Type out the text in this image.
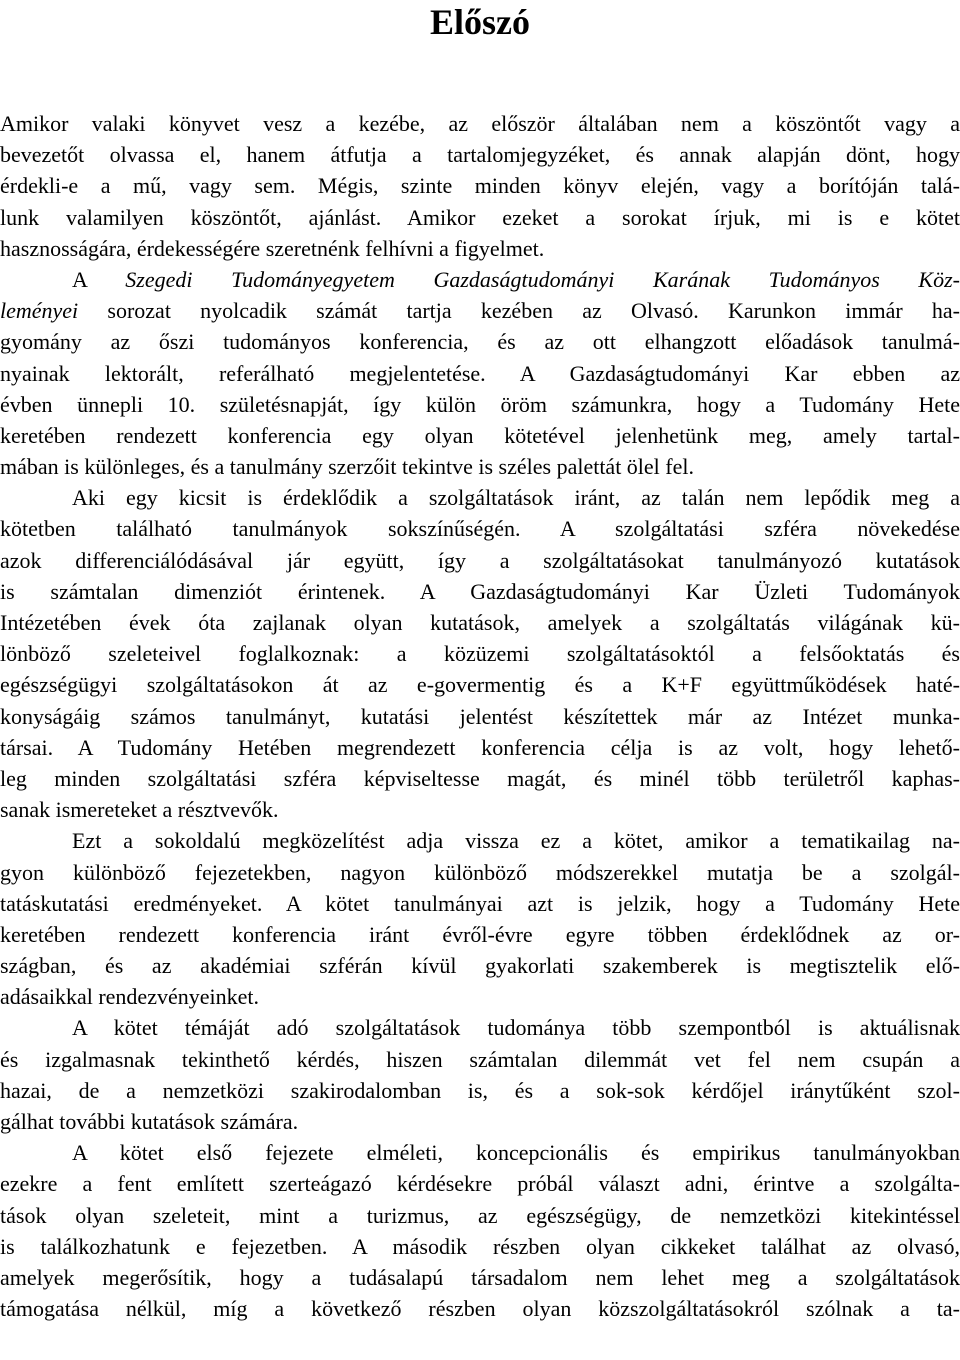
Előszó
Amikor valaki könyvet vesz a kezébe, az először általában nem a köszöntőt vagy a
bevezetőt olvassa el, hanem átfutja a tartalomjegyzéket, és annak alapján dönt, hogy
érdekli-e a mű, vagy sem. Mégis, szinte minden könyv elején, vagy a borítóján talá-
lunk valamilyen köszöntőt, ajánlást. Amikor ezeket a sorokat írjuk, mi is e kötet
hasznosságára, érdekességére szeretnénk felhívni a figyelmet.
A Szegedi Tudományegyetem Gazdaságtudományi Karának Tudományos Köz-
leményei sorozat nyolcadik számát tartja kezében az Olvasó. Karunkon immár ha-
gyomány az őszi tudományos konferencia, és az ott elhangzott előadások tanulmá-
nyainak lektorált, referálható megjelentetése. A Gazdaságtudományi Kar ebben az
évben ünnepli 10. születésnapját, így külön öröm számunkra, hogy a Tudomány Hete
keretében rendezett konferencia egy olyan kötetével jelenhetünk meg, amely tartal-
mában is különleges, és a tanulmány szerzőit tekintve is széles palettát ölel fel.
Aki egy kicsit is érdeklődik a szolgáltatások iránt, az talán nem lepődik meg a
kötetben található tanulmányok sokszínűségén. A szolgáltatási szféra növekedése
azok differenciálódásával jár együtt, így a szolgáltatásokat tanulmányozó kutatások
is számtalan dimenziót érintenek. A Gazdaságtudományi Kar Üzleti Tudományok
Intézetében évek óta zajlanak olyan kutatások, amelyek a szolgáltatás világának kü-
lönböző szeleteivel foglalkoznak: a közüzemi szolgáltatásoktól a felsőoktatás és
egészségügyi szolgáltatásokon át az e-govermentig és a K+F együttműködések haté-
konyságáig számos tanulmányt, kutatási jelentést készítettek már az Intézet munka-
társai. A Tudomány Hetében megrendezett konferencia célja is az volt, hogy lehető-
leg minden szolgáltatási szféra képviseltesse magát, és minél több területről kaphas-
sanak ismereteket a résztvevők.
Ezt a sokoldalú megközelítést adja vissza ez a kötet, amikor a tematikailag na-
gyon különböző fejezetekben, nagyon különböző módszerekkel mutatja be a szolgál-
tatáskutatási eredményeket. A kötet tanulmányai azt is jelzik, hogy a Tudomány Hete
keretében rendezett konferencia iránt évről-évre egyre többen érdeklődnek az or-
szágban, és az akadémiai szférán kívül gyakorlati szakemberek is megtisztelik elő-
adásaikkal rendezvényeinket.
A kötet témáját adó szolgáltatások tudománya több szempontból is aktuálisnak
és izgalmasnak tekinthető kérdés, hiszen számtalan dilemmát vet fel nem csupán a
hazai, de a nemzetközi szakirodalomban is, és a sok-sok kérdőjel iránytűként szol-
gálhat további kutatások számára.
A kötet első fejezete elméleti, koncepcionális és empirikus tanulmányokban
ezekre a fent említett szerteágazó kérdésekre próbál választ adni, érintve a szolgálta-
tások olyan szeleteit, mint a turizmus, az egészségügy, de nemzetközi kitekintéssel
is találkozhatunk e fejezetben. A második részben olyan cikkeket találhat az olvasó,
amelyek megerősítik, hogy a tudásalapú társadalom nem lehet meg a szolgáltatások
támogatása nélkül, míg a következő részben olyan közszolgáltatásokról szólnak a ta-
